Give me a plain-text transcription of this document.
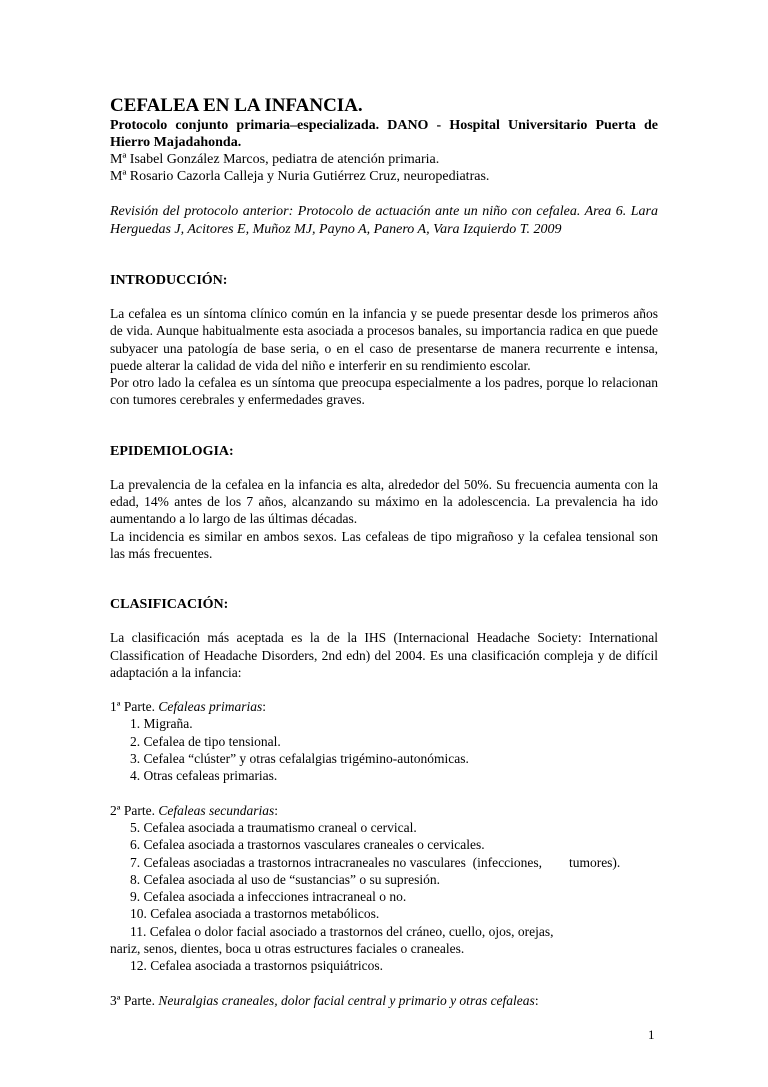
CEFALEA EN LA INFANCIA.

Protocolo conjunto primaria–especializada. DANO - Hospital Universitario Puerta de Hierro Majadahonda.

Mª Isabel González Marcos, pediatra de atención primaria.

Mª Rosario Cazorla Calleja y Nuria Gutiérrez Cruz, neuropediatras.

Revisión del protocolo anterior: Protocolo de actuación ante un niño con cefalea. Area 6. Lara Herguedas J, Acitores E, Muñoz MJ, Payno A, Panero A, Vara Izquierdo T. 2009

INTRODUCCIÓN:

La cefalea es un síntoma clínico común en la infancia y se puede presentar desde los primeros años de vida. Aunque habitualmente esta asociada a procesos banales, su importancia radica en que puede subyacer una patología de base seria, o en el caso de presentarse de manera recurrente e intensa, puede alterar la calidad de vida del niño e interferir en su rendimiento escolar.

Por otro lado la cefalea es un síntoma que preocupa especialmente a los padres, porque lo relacionan con tumores cerebrales y enfermedades graves.

EPIDEMIOLOGIA:

La prevalencia de la cefalea en la infancia es alta, alrededor del 50%. Su frecuencia aumenta con la edad, 14% antes de los 7 años, alcanzando su máximo en la adolescencia. La prevalencia ha ido aumentando a lo largo de las últimas décadas.

La incidencia es similar en ambos sexos. Las cefaleas de tipo migrañoso y la cefalea tensional son las más frecuentes.

CLASIFICACIÓN:

La clasificación más aceptada es la de la IHS (Internacional Headache Society: International Classification of Headache Disorders, 2nd edn) del 2004. Es una clasificación compleja y de difícil adaptación a la infancia:

1ª Parte. Cefaleas primarias:

1. Migraña.

2. Cefalea de tipo tensional.

3. Cefalea “clúster” y otras cefalalgias trigémino-autonómicas.

4. Otras cefaleas primarias.

2ª Parte. Cefaleas secundarias:

5. Cefalea asociada a traumatismo craneal o cervical.

6. Cefalea asociada a trastornos vasculares craneales o cervicales.

7. Cefaleas asociadas a trastornos intracraneales no vasculares  (infecciones,        tumores).

8. Cefalea asociada al uso de “sustancias” o su supresión.

9. Cefalea asociada a infecciones intracraneal o no.

10. Cefalea asociada a trastornos metabólicos.

11. Cefalea o dolor facial asociado a trastornos del cráneo, cuello, ojos, orejas,

nariz, senos, dientes, boca u otras estructures faciales o craneales.

12. Cefalea asociada a trastornos psiquiátricos.

3ª Parte. Neuralgias craneales, dolor facial central y primario y otras cefaleas:

1
